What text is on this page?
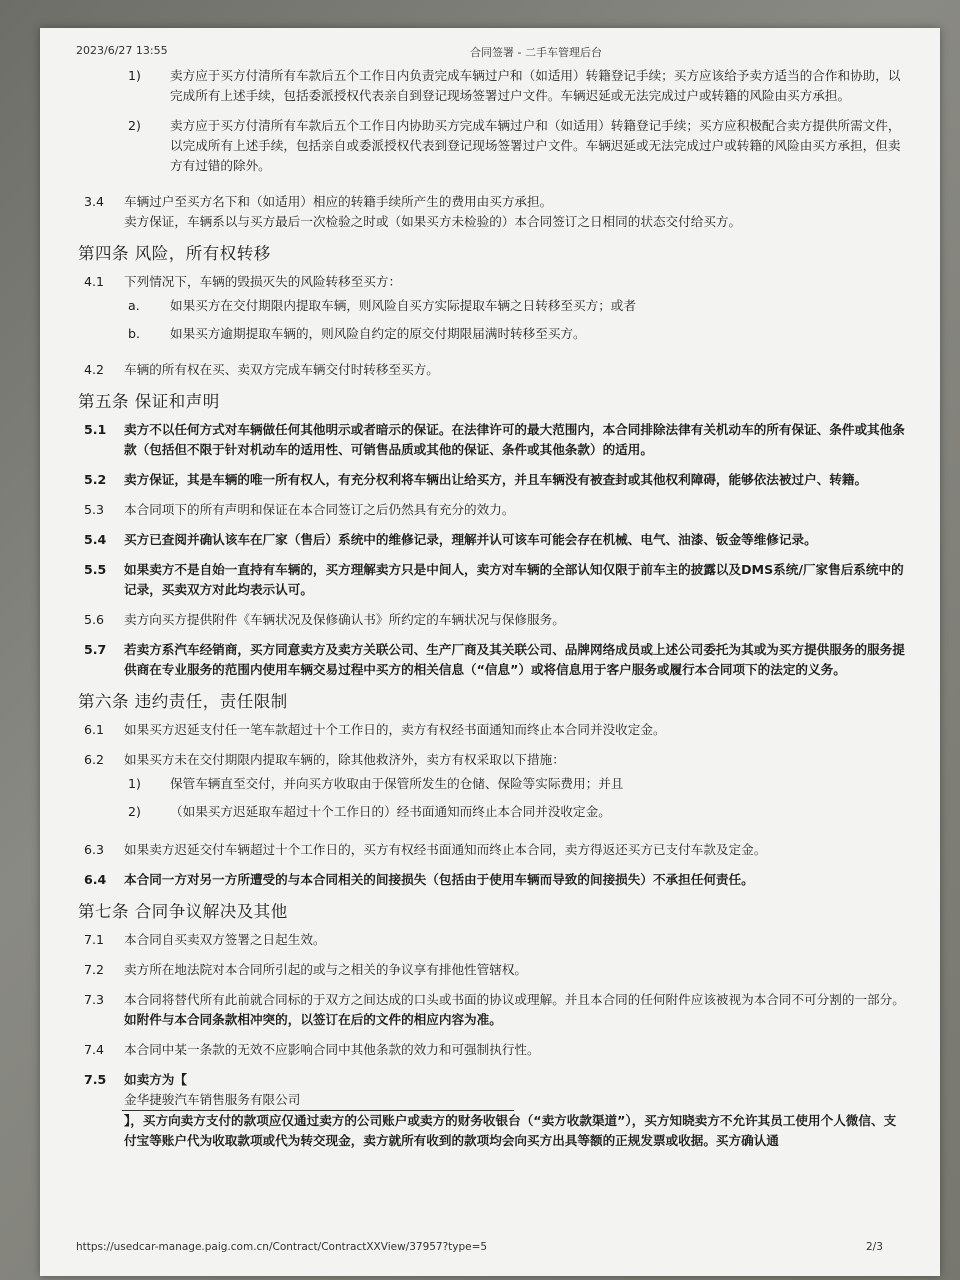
2023/6/27 13:55	合同签署 - 二手车管理后台
1)	卖方应于买方付清所有车款后五个工作日内负责完成车辆过户和（如适用）转籍登记手续；买方应该给予卖方适当的合作和协助，以完成所有上述手续，包括委派授权代表亲自到登记现场签署过户文件。车辆迟延或无法完成过户或转籍的风险由买方承担。
2)	卖方应于买方付清所有车款后五个工作日内协助买方完成车辆过户和（如适用）转籍登记手续；买方应积极配合卖方提供所需文件，以完成所有上述手续，包括亲自或委派授权代表到登记现场签署过户文件。车辆迟延或无法完成过户或转籍的风险由买方承担，但卖方有过错的除外。
3.4	车辆过户至买方名下和（如适用）相应的转籍手续所产生的费用由买方承担。
卖方保证，车辆系以与买方最后一次检验之时或（如果买方未检验的）本合同签订之日相同的状态交付给买方。
第四条 风险，所有权转移
4.1	下列情况下，车辆的毁损灭失的风险转移至买方：
a.	如果买方在交付期限内提取车辆，则风险自买方实际提取车辆之日转移至买方；或者
b.	如果买方逾期提取车辆的，则风险自约定的原交付期限届满时转移至买方。
4.2	车辆的所有权在买、卖双方完成车辆交付时转移至买方。
第五条 保证和声明
5.1	卖方不以任何方式对车辆做任何其他明示或者暗示的保证。在法律许可的最大范围内，本合同排除法律有关机动车的所有保证、条件或其他条款（包括但不限于针对机动车的适用性、可销售品质或其他的保证、条件或其他条款）的适用。
5.2	卖方保证，其是车辆的唯一所有权人，有充分权利将车辆出让给买方，并且车辆没有被查封或其他权利障碍，能够依法被过户、转籍。
5.3	本合同项下的所有声明和保证在本合同签订之后仍然具有充分的效力。
5.4	买方已查阅并确认该车在厂家（售后）系统中的维修记录，理解并认可该车可能会存在机械、电气、油漆、钣金等维修记录。
5.5	如果卖方不是自始一直持有车辆的，买方理解卖方只是中间人，卖方对车辆的全部认知仅限于前车主的披露以及DMS系统/厂家售后系统中的记录，买卖双方对此均表示认可。
5.6	卖方向买方提供附件《车辆状况及保修确认书》所约定的车辆状况与保修服务。
5.7	若卖方系汽车经销商，买方同意卖方及卖方关联公司、生产厂商及其关联公司、品牌网络成员或上述公司委托为其或为买方提供服务的服务提供商在专业服务的范围内使用车辆交易过程中买方的相关信息（“信息”）或将信息用于客户服务或履行本合同项下的法定的义务。
第六条 违约责任，责任限制
6.1	如果买方迟延支付任一笔车款超过十个工作日的，卖方有权经书面通知而终止本合同并没收定金。
6.2	如果买方未在交付期限内提取车辆的，除其他救济外，卖方有权采取以下措施：
1)	保管车辆直至交付，并向买方收取由于保管所发生的仓储、保险等实际费用；并且
2)	（如果买方迟延取车超过十个工作日的）经书面通知而终止本合同并没收定金。
6.3	如果卖方迟延交付车辆超过十个工作日的，买方有权经书面通知而终止本合同，卖方得返还买方已支付车款及定金。
6.4	本合同一方对另一方所遭受的与本合同相关的间接损失（包括由于使用车辆而导致的间接损失）不承担任何责任。
第七条 合同争议解决及其他
7.1	本合同自买卖双方签署之日起生效。
7.2	卖方所在地法院对本合同所引起的或与之相关的争议享有排他性管辖权。
7.3	本合同将替代所有此前就合同标的于双方之间达成的口头或书面的协议或理解。并且本合同的任何附件应该被视为本合同不可分割的一部分。如附件与本合同条款相冲突的，以签订在后的文件的相应内容为准。
7.4	本合同中某一条款的无效不应影响合同中其他条款的效力和可强制执行性。
7.5	如卖方为【
金华捷骏汽车销售服务有限公司
】，买方向卖方支付的款项应仅通过卖方的公司账户或卖方的财务收银台（“卖方收款渠道”），买方知晓卖方不允许其员工使用个人微信、支付宝等账户代为收取款项或代为转交现金，卖方就所有收到的款项均会向买方出具等额的正规发票或收据。买方确认通
https://usedcar-manage.paig.com.cn/Contract/ContractXXView/37957?type=5	2/3
